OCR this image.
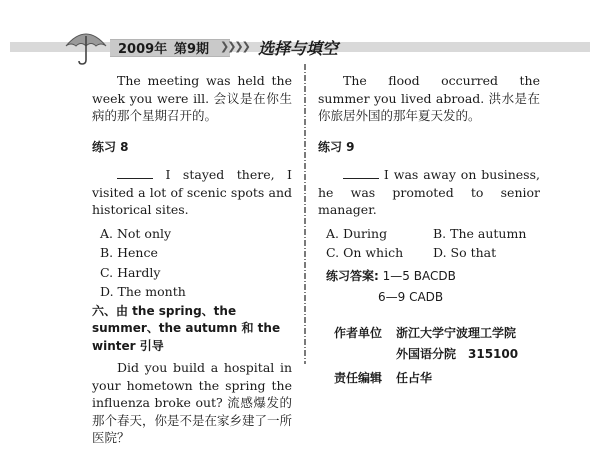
2009年 第9期 ❯❯❯❯ 选择与填空

The meeting was held the week you were ill. 会议是在你生病的那个星期召开的。

练习 8

I stayed there, I visited a lot of scenic spots and historical sites.

A. Not only
B. Hence
C. Hardly
D. The month
六、由 the spring、the summer、the autumn 和 the winter 引导

Did you build a hospital in your hometown the spring the influenza broke out? 流感爆发的那个春天，你是不是在家乡建了一所医院？

The flood occurred the summer you lived abroad. 洪水是在你旅居外国的那年夏天发的。

练习 9

I was away on business, he was promoted to senior manager.

A. During	B. The autumn
C. On which	D. So that
练习答案: 1—5 BACDB
6—9 CADB
作者单位	浙江大学宁波理工学院
外国语分院　315100
责任编辑	任占华
